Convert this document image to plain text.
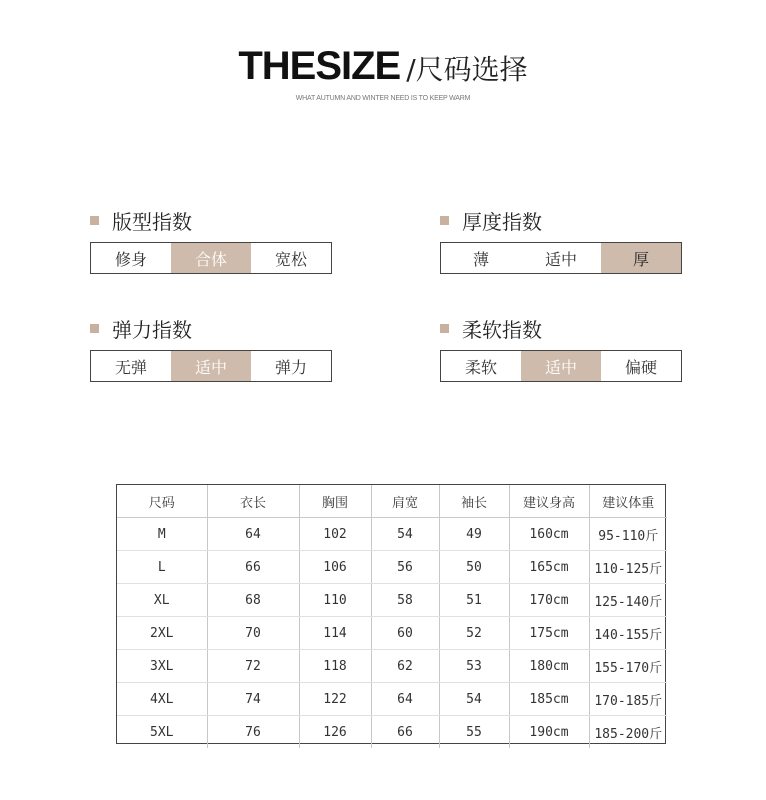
THESIZE /尺码选择
WHAT AUTUMN AND WINTER NEED IS TO KEEP WARM
版型指数
修身	合体	宽松
厚度指数
薄	适中	厚
弹力指数
无弹	适中	弹力
柔软指数
柔软	适中	偏硬
尺码	衣长	胸围	肩宽	袖长	建议身高	建议体重
M	64	102	54	49	160cm	95-110斤
L	66	106	56	50	165cm	110-125斤
XL	68	110	58	51	170cm	125-140斤
2XL	70	114	60	52	175cm	140-155斤
3XL	72	118	62	53	180cm	155-170斤
4XL	74	122	64	54	185cm	170-185斤
5XL	76	126	66	55	190cm	185-200斤
